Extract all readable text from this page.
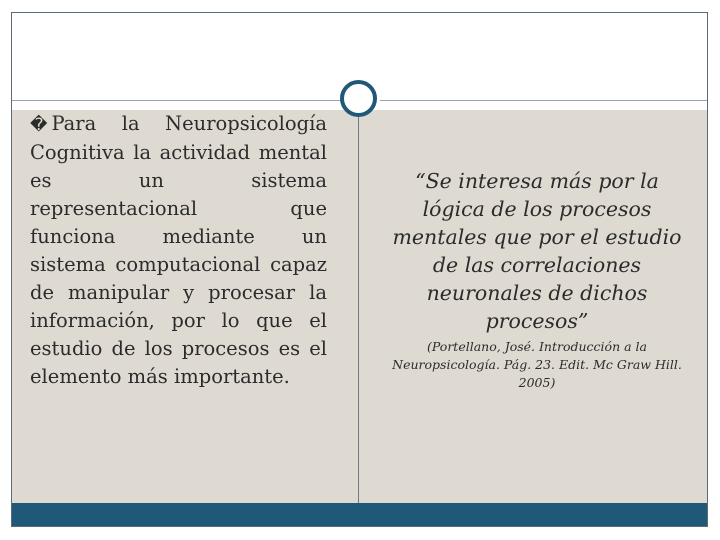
� Para la Neuropsicología Cognitiva la actividad mental es un sistema representacional que funciona mediante un sistema computacional capaz de manipular y procesar la información, por lo que el estudio de los procesos es el elemento más importante.
“Se interesa más por la lógica de los procesos mentales que por el estudio de las correlaciones neuronales de dichos procesos”
(Portellano, José. Introducción a la Neuropsicología. Pág. 23. Edit. Mc Graw Hill. 2005)
